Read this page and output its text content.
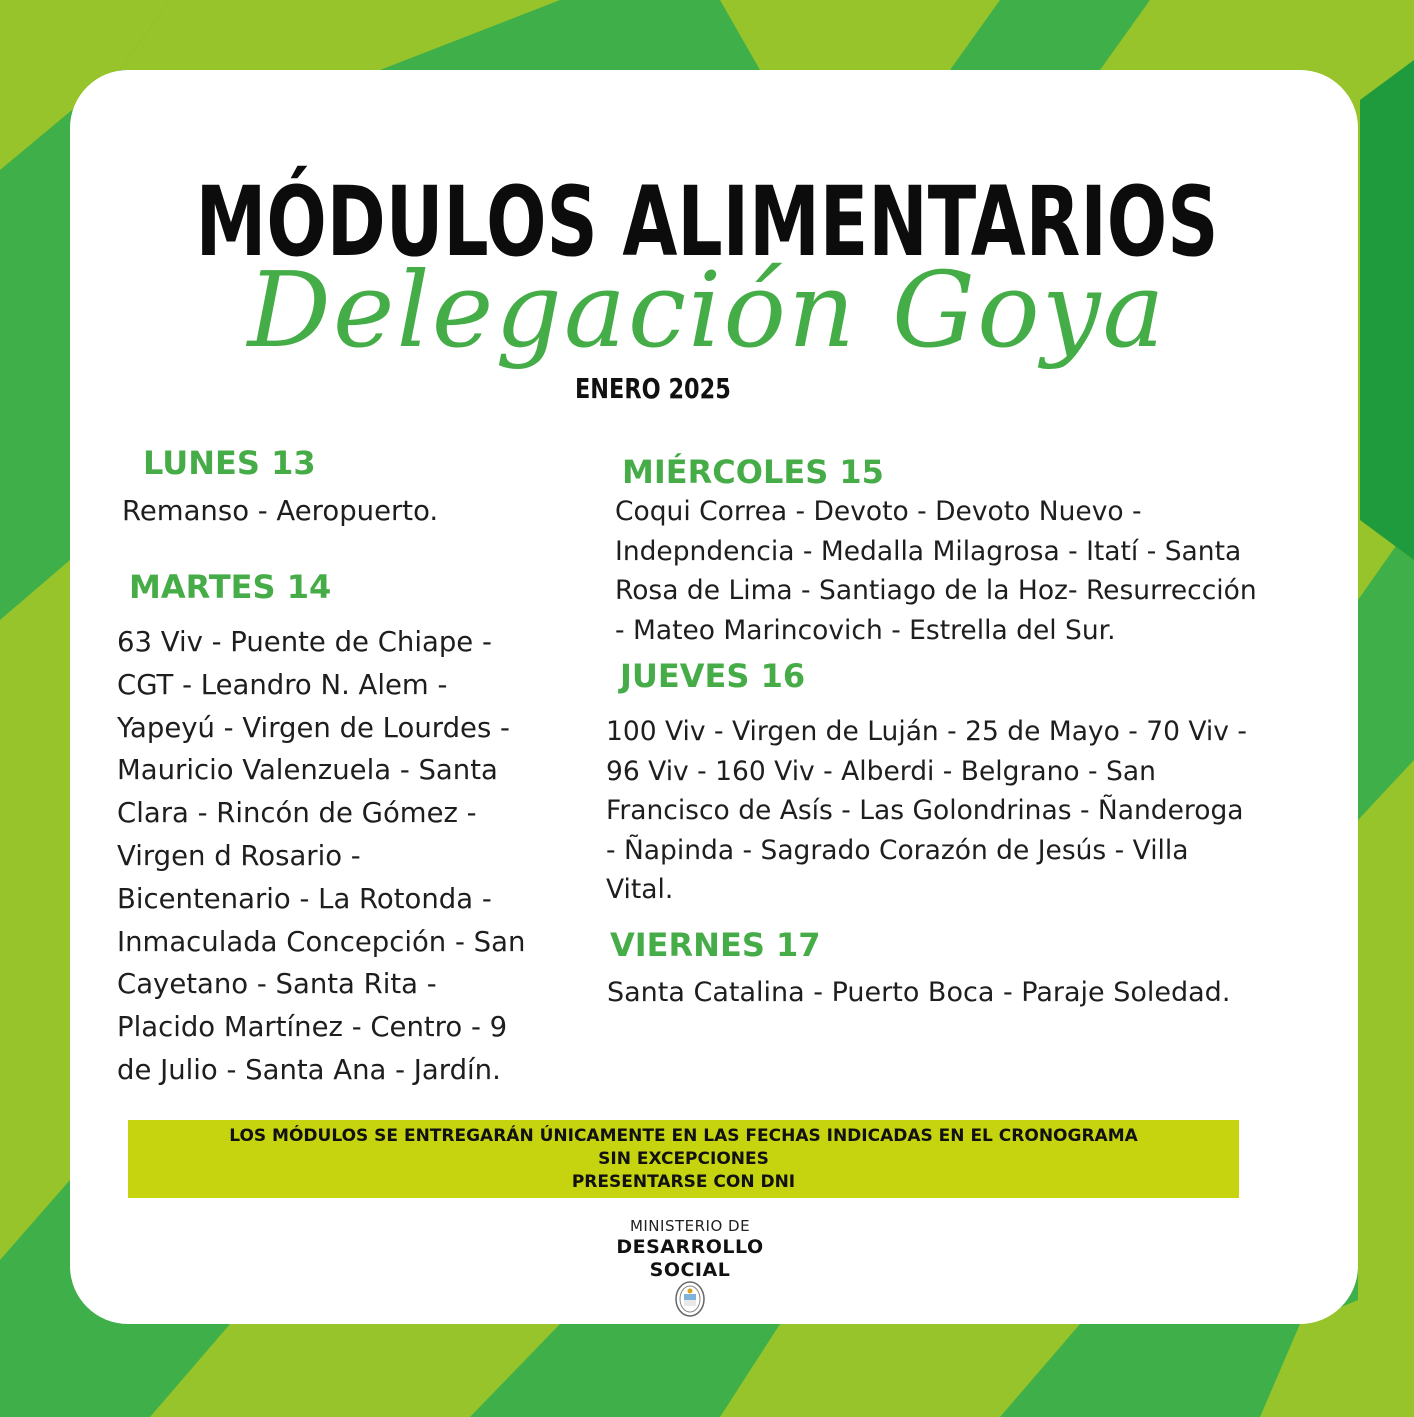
MÓDULOS ALIMENTARIOS
Delegación Goya
ENERO 2025
LUNES 13
Remanso - Aeropuerto.
MARTES 14
63 Viv - Puente de Chiape -
CGT - Leandro N. Alem -
Yapeyú - Virgen de Lourdes -
Mauricio Valenzuela - Santa
Clara - Rincón de Gómez -
Virgen d Rosario -
Bicentenario - La Rotonda -
Inmaculada Concepción - San
Cayetano - Santa Rita -
Placido Martínez - Centro - 9
de Julio - Santa Ana - Jardín.
MIÉRCOLES 15
Coqui Correa - Devoto - Devoto Nuevo -
Indepndencia - Medalla Milagrosa - Itatí - Santa
Rosa de Lima - Santiago de la Hoz- Resurrección
- Mateo Marincovich - Estrella del Sur.
JUEVES 16
100 Viv - Virgen de Luján - 25 de Mayo - 70 Viv -
96 Viv - 160 Viv - Alberdi - Belgrano - San
Francisco de Asís - Las Golondrinas - Ñanderoga
- Ñapinda - Sagrado Corazón de Jesús - Villa
Vital.
VIERNES 17
Santa Catalina - Puerto Boca - Paraje Soledad.
LOS MÓDULOS SE ENTREGARÁN ÚNICAMENTE EN LAS FECHAS INDICADAS EN EL CRONOGRAMA
SIN EXCEPCIONES
PRESENTARSE CON DNI
MINISTERIO DE
DESARROLLO
SOCIAL
